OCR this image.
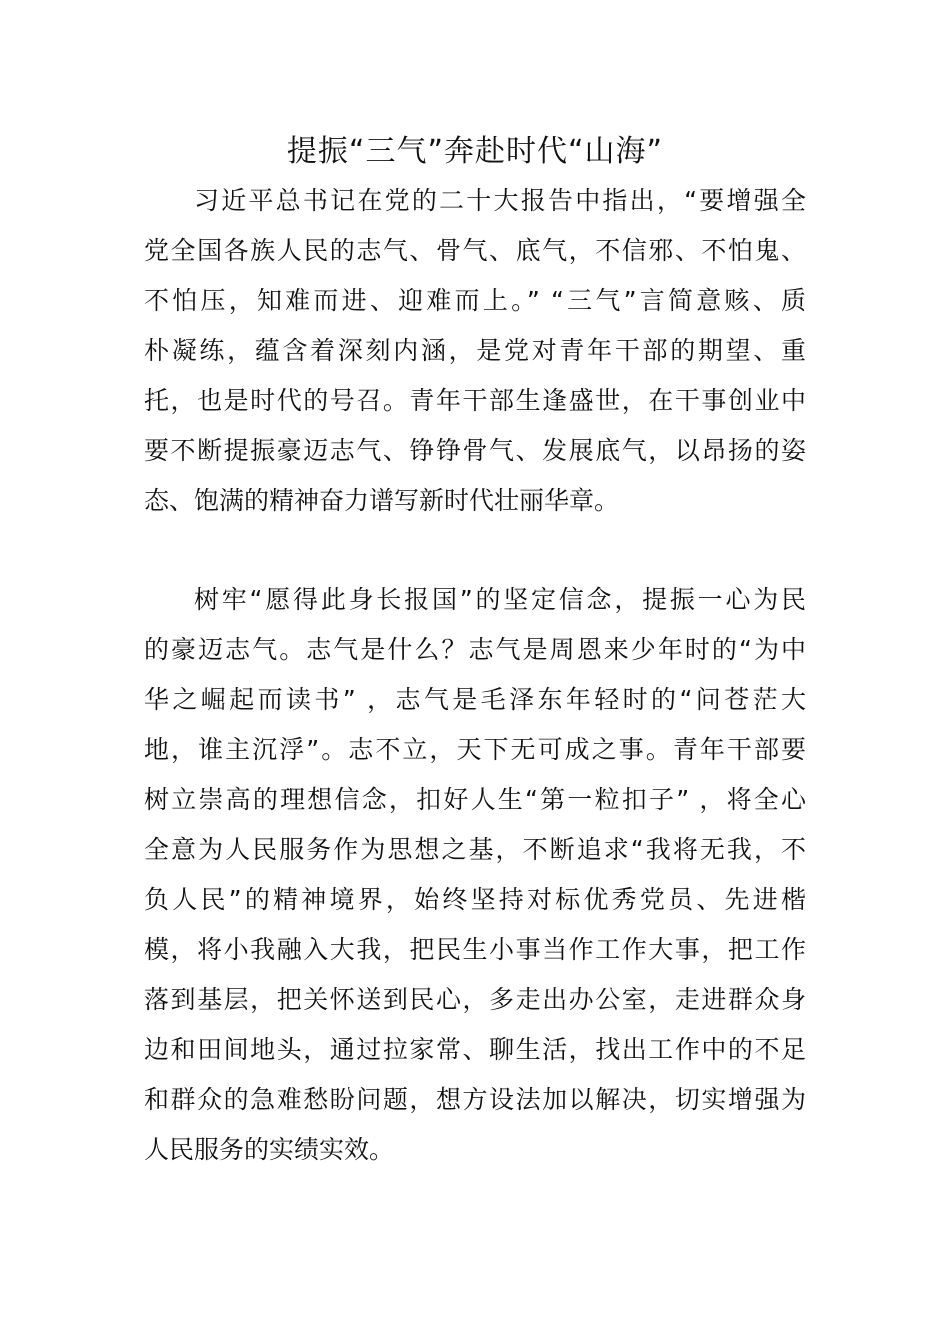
提振“三气”奔赴时代“山海”
习近平总书记在党的二十大报告中指出，“要增强全
党全国各族人民的志气、骨气、底气，不信邪、不怕鬼、
不怕压，知难而进、迎难而上。” “三气”言简意赅、质
朴凝练，蕴含着深刻内涵，是党对青年干部的期望、重
托，也是时代的号召。青年干部生逢盛世，在干事创业中
要不断提振豪迈志气、铮铮骨气、发展底气，以昂扬的姿
态、饱满的精神奋力谱写新时代壮丽华章。
树牢“愿得此身长报国”的坚定信念，提振一心为民
的豪迈志气。志气是什么？志气是周恩来少年时的“为中
华之崛起而读书” ，志气是毛泽东年轻时的“问苍茫大
地，谁主沉浮”。志不立，天下无可成之事。青年干部要
树立崇高的理想信念，扣好人生“第一粒扣子” ，将全心
全意为人民服务作为思想之基，不断追求“我将无我，不
负人民”的精神境界，始终坚持对标优秀党员、先进楷
模，将小我融入大我，把民生小事当作工作大事，把工作
落到基层，把关怀送到民心，多走出办公室，走进群众身
边和田间地头，通过拉家常、聊生活，找出工作中的不足
和群众的急难愁盼问题，想方设法加以解决，切实增强为
人民服务的实绩实效。
